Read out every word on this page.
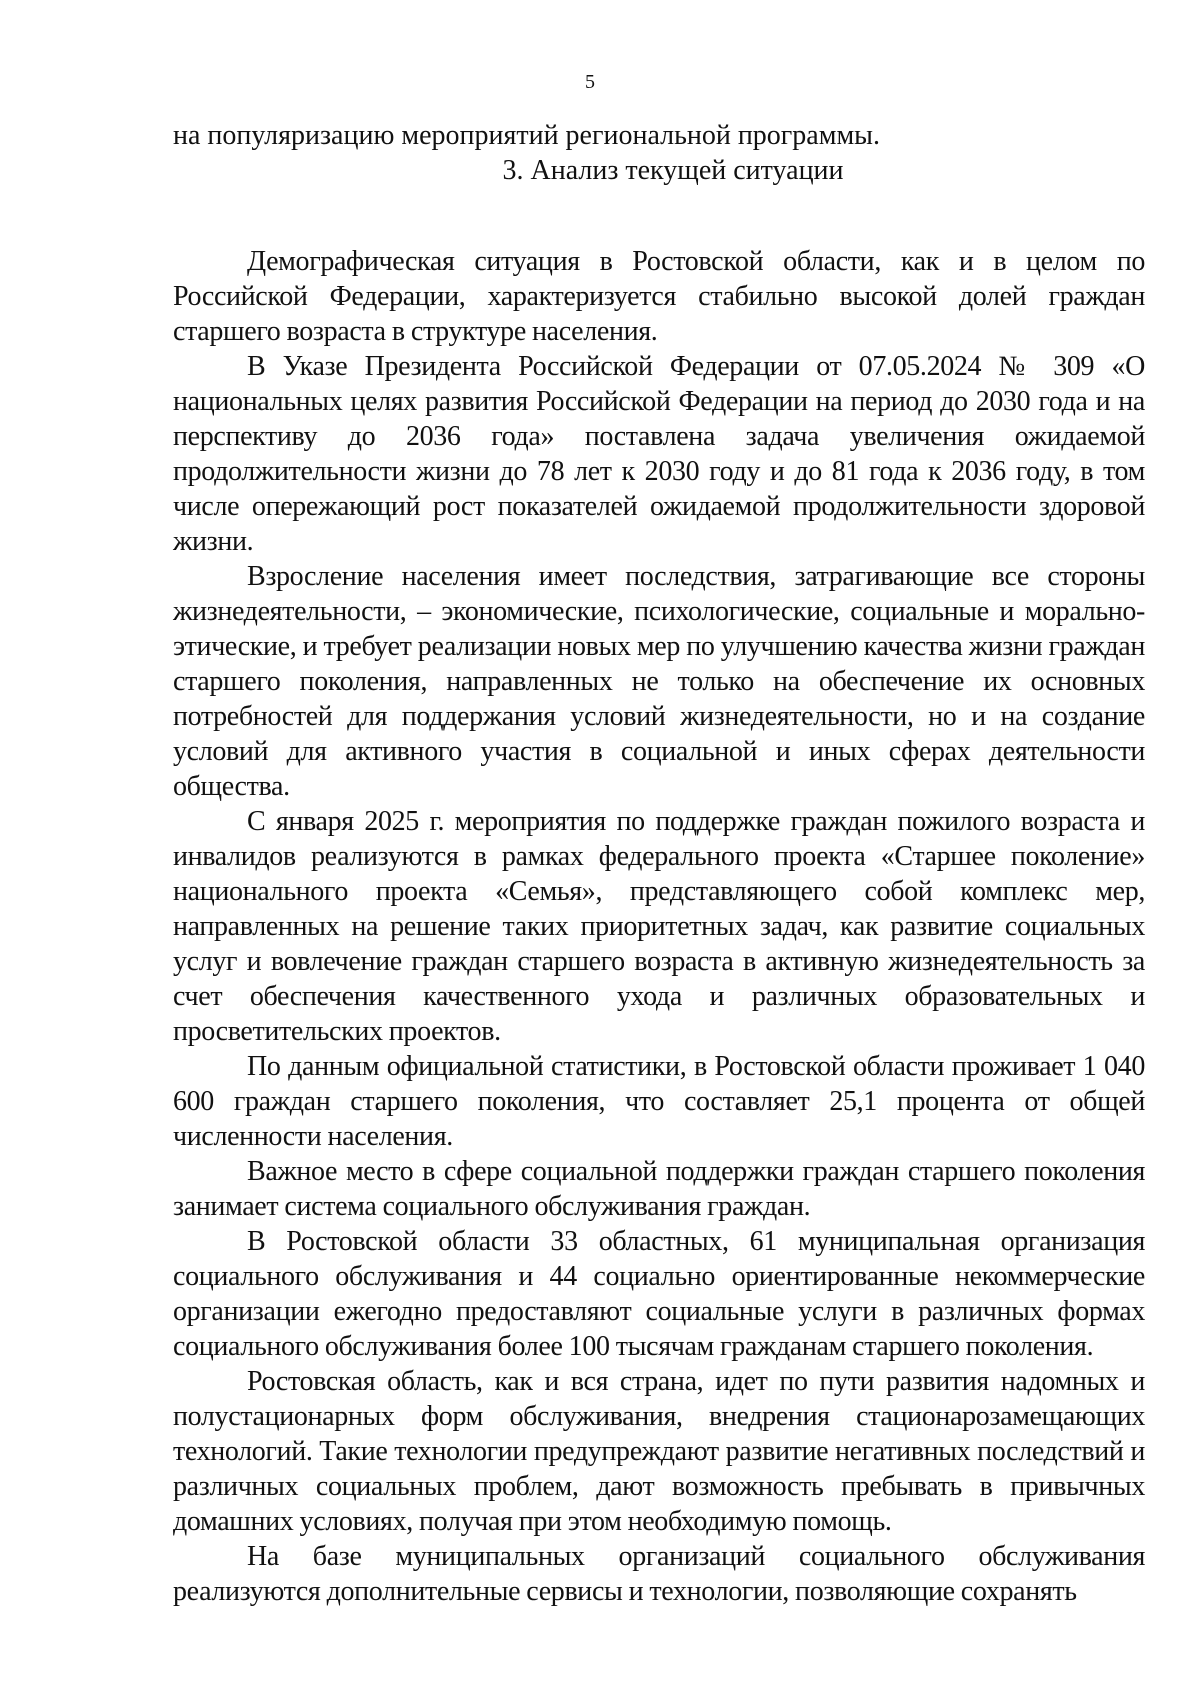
5

на популяризацию мероприятий региональной программы.

3. Анализ текущей ситуации

Демографическая ситуация в Ростовской области, как и в целом по Российской Федерации, характеризуется стабильно высокой долей граждан старшего возраста в структуре населения.

В Указе Президента Российской Федерации от 07.05.2024 № 309 «О национальных целях развития Российской Федерации на период до 2030 года и на перспективу до 2036 года» поставлена задача увеличения ожидаемой продолжительности жизни до 78 лет к 2030 году и до 81 года к 2036 году, в том числе опережающий рост показателей ожидаемой продолжительности здоровой жизни.

Взросление населения имеет последствия, затрагивающие все стороны жизнедеятельности, – экономические, психологические, социальные и морально-этические, и требует реализации новых мер по улучшению качества жизни граждан старшего поколения, направленных не только на обеспечение их основных потребностей для поддержания условий жизнедеятельности, но и на создание условий для активного участия в социальной и иных сферах деятельности общества.

С января 2025 г. мероприятия по поддержке граждан пожилого возраста и инвалидов реализуются в рамках федерального проекта «Старшее поколение» национального проекта «Семья», представляющего собой комплекс мер, направленных на решение таких приоритетных задач, как развитие социальных услуг и вовлечение граждан старшего возраста в активную жизнедеятельность за счет обеспечения качественного ухода и различных образовательных и просветительских проектов.

По данным официальной статистики, в Ростовской области проживает 1 040 600 граждан старшего поколения, что составляет 25,1 процента от общей численности населения.

Важное место в сфере социальной поддержки граждан старшего поколения занимает система социального обслуживания граждан.

В Ростовской области 33 областных, 61 муниципальная организация социального обслуживания и 44 социально ориентированные некоммерческие организации ежегодно предоставляют социальные услуги в различных формах социального обслуживания более 100 тысячам гражданам старшего поколения.

Ростовская область, как и вся страна, идет по пути развития надомных и полустационарных форм обслуживания, внедрения стационарозамещающих технологий. Такие технологии предупреждают развитие негативных последствий и различных социальных проблем, дают возможность пребывать в привычных домашних условиях, получая при этом необходимую помощь.

На базе муниципальных организаций социального обслуживания реализуются дополнительные сервисы и технологии, позволяющие сохранять
